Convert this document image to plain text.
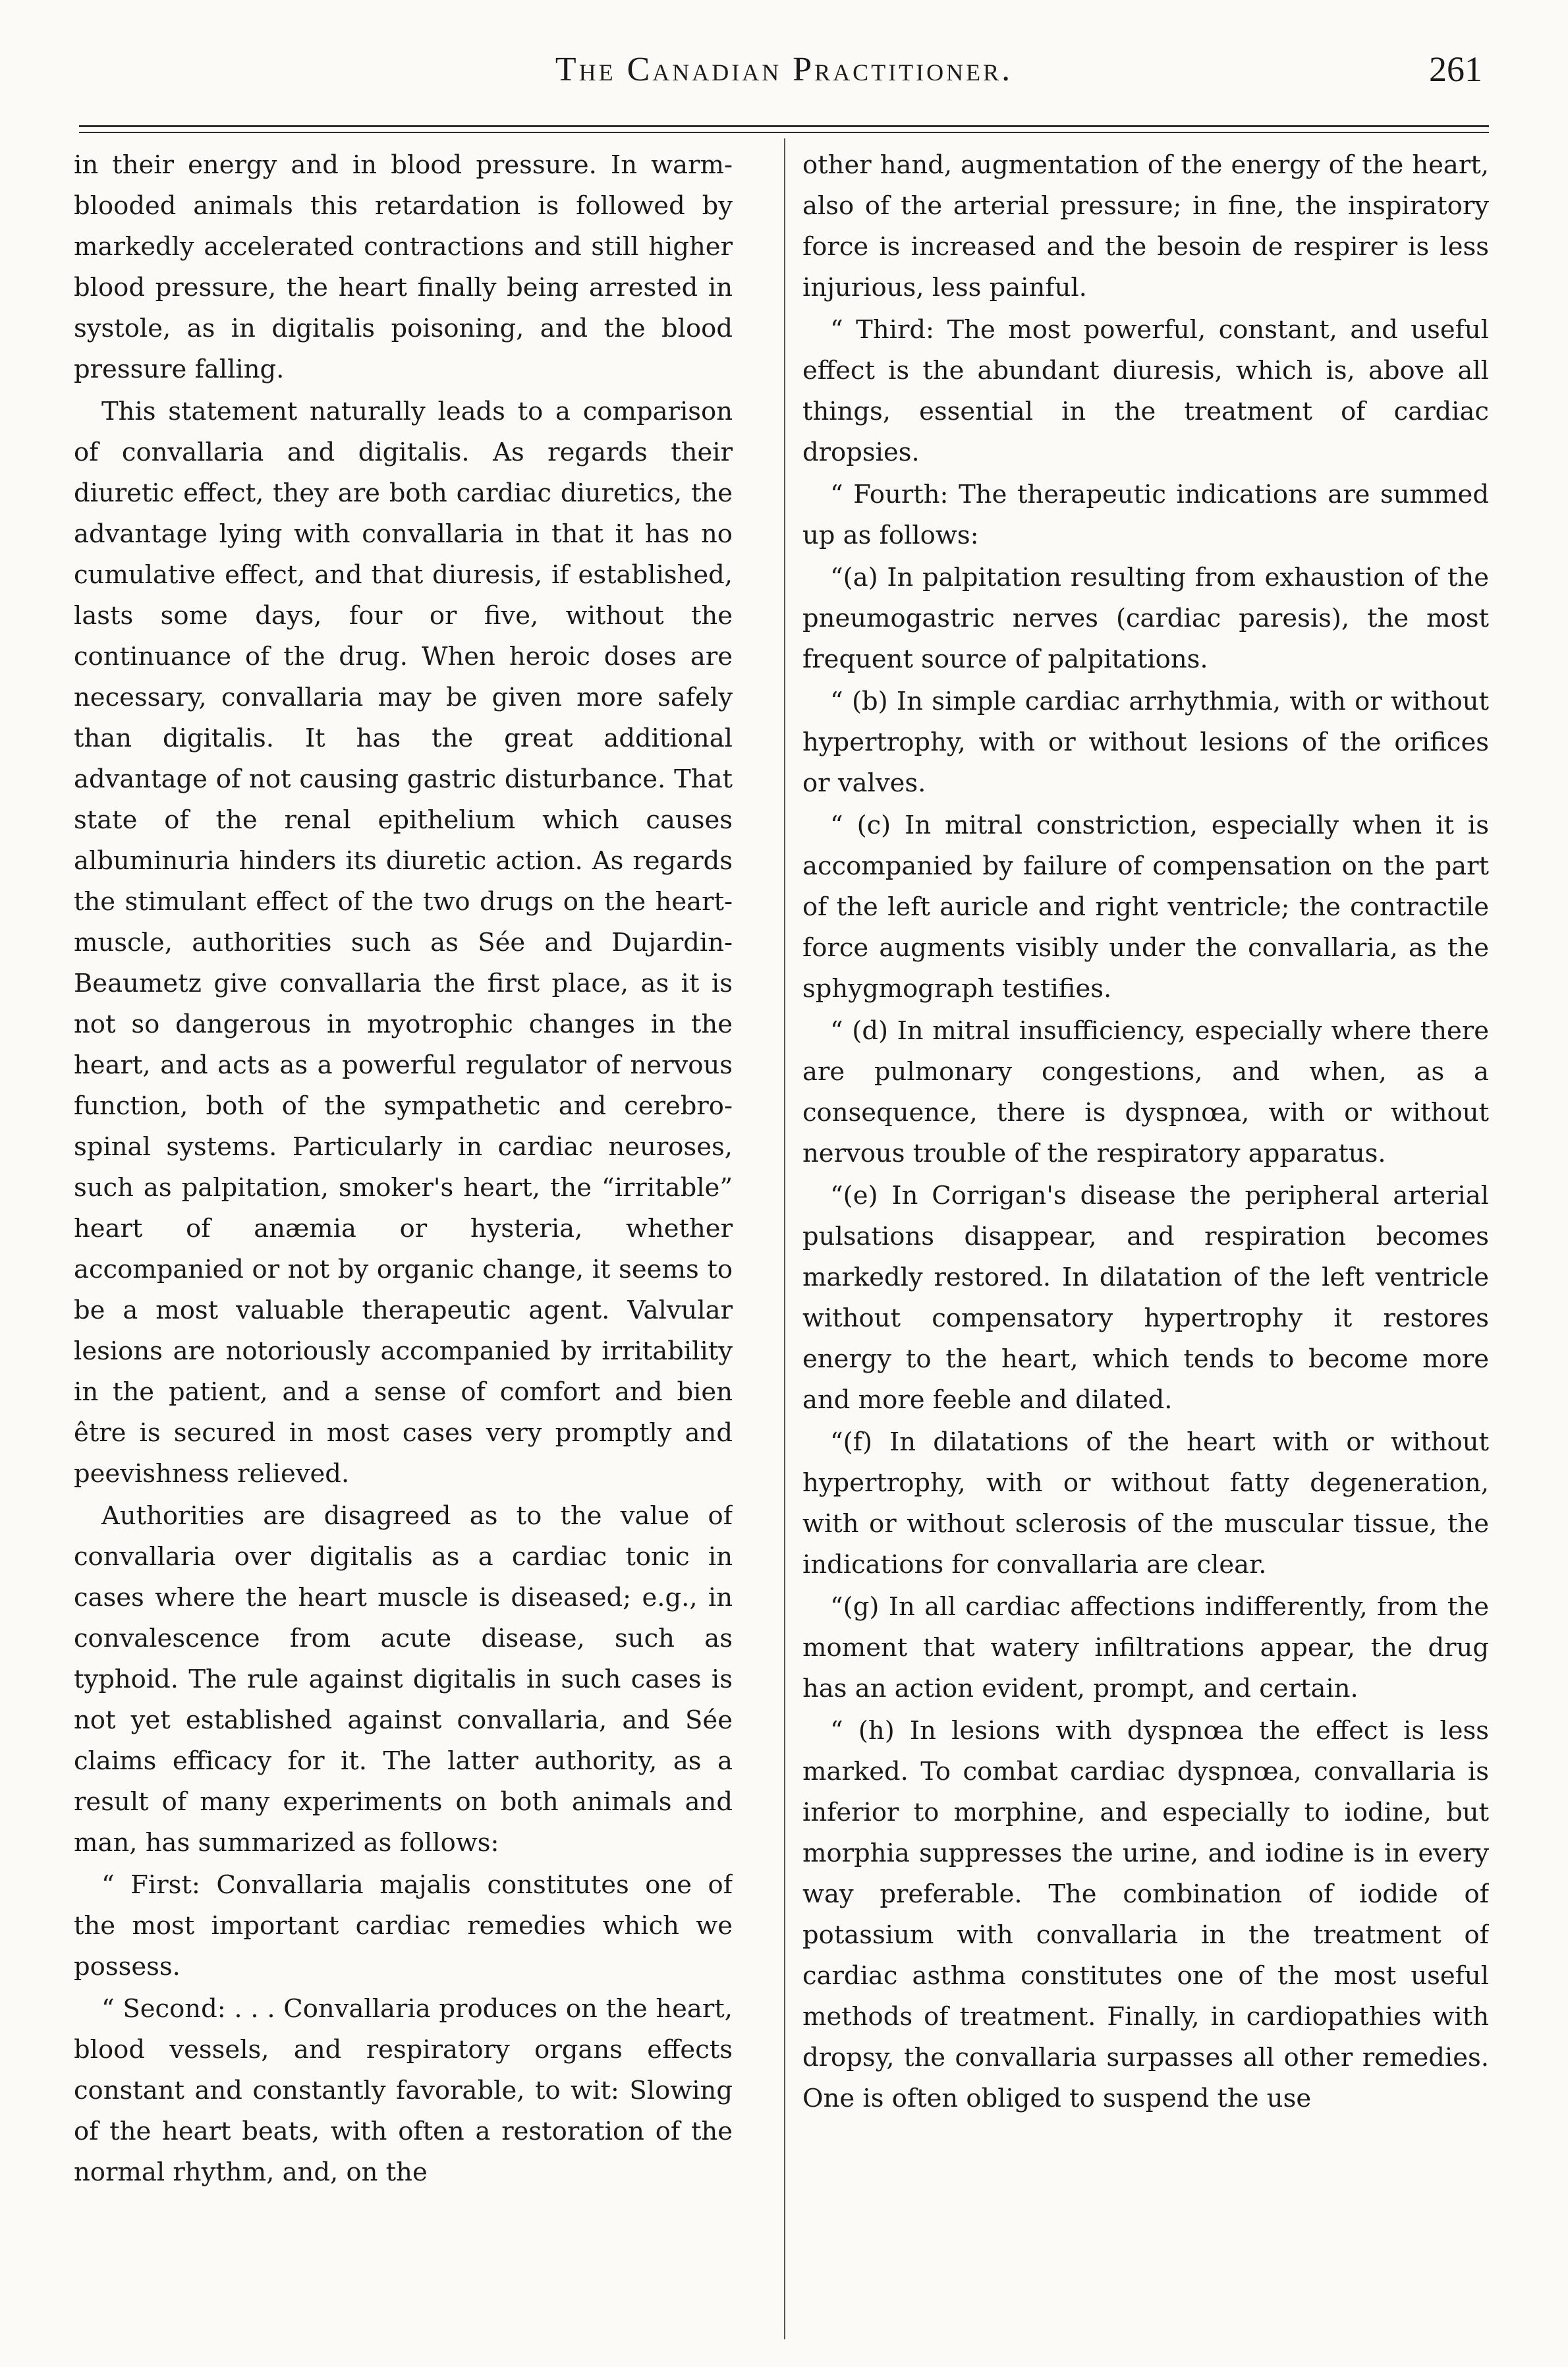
The Canadian Practitioner.	261

in their energy and in blood pressure. In warm-blooded animals this retardation is followed by markedly accelerated contractions and still higher blood pressure, the heart finally being arrested in systole, as in digitalis poisoning, and the blood pressure falling.

This statement naturally leads to a comparison of convallaria and digitalis. As regards their diuretic effect, they are both cardiac diuretics, the advantage lying with convallaria in that it has no cumulative effect, and that diuresis, if established, lasts some days, four or five, without the continuance of the drug. When heroic doses are necessary, convallaria may be given more safely than digitalis. It has the great additional advantage of not causing gastric disturbance. That state of the renal epithelium which causes albuminuria hinders its diuretic action. As regards the stimulant effect of the two drugs on the heart-muscle, authorities such as Sée and Dujardin-Beaumetz give convallaria the first place, as it is not so dangerous in myotrophic changes in the heart, and acts as a powerful regulator of nervous function, both of the sympathetic and cerebro-spinal systems. Particularly in cardiac neuroses, such as palpitation, smoker's heart, the “irritable” heart of anæmia or hysteria, whether accompanied or not by organic change, it seems to be a most valuable therapeutic agent. Valvular lesions are notoriously accompanied by irritability in the patient, and a sense of comfort and bien être is secured in most cases very promptly and peevishness relieved.

Authorities are disagreed as to the value of convallaria over digitalis as a cardiac tonic in cases where the heart muscle is diseased; e.g., in convalescence from acute disease, such as typhoid. The rule against digitalis in such cases is not yet established against convallaria, and Sée claims efficacy for it. The latter authority, as a result of many experiments on both animals and man, has summarized as follows:

“ First: Convallaria majalis constitutes one of the most important cardiac remedies which we possess.

“ Second: . . . Convallaria produces on the heart, blood vessels, and respiratory organs effects constant and constantly favorable, to wit: Slowing of the heart beats, with often a restoration of the normal rhythm, and, on the

other hand, augmentation of the energy of the heart, also of the arterial pressure; in fine, the inspiratory force is increased and the besoin de respirer is less injurious, less painful.

“ Third: The most powerful, constant, and useful effect is the abundant diuresis, which is, above all things, essential in the treatment of cardiac dropsies.

“ Fourth: The therapeutic indications are summed up as follows:

“(a) In palpitation resulting from exhaustion of the pneumogastric nerves (cardiac paresis), the most frequent source of palpitations.

“ (b) In simple cardiac arrhythmia, with or without hypertrophy, with or without lesions of the orifices or valves.

“ (c) In mitral constriction, especially when it is accompanied by failure of compensation on the part of the left auricle and right ventricle; the contractile force augments visibly under the convallaria, as the sphygmograph testifies.

“ (d) In mitral insufficiency, especially where there are pulmonary congestions, and when, as a consequence, there is dyspnœa, with or without nervous trouble of the respiratory apparatus.

“(e) In Corrigan's disease the peripheral arterial pulsations disappear, and respiration becomes markedly restored. In dilatation of the left ventricle without compensatory hypertrophy it restores energy to the heart, which tends to become more and more feeble and dilated.

“(f) In dilatations of the heart with or without hypertrophy, with or without fatty degeneration, with or without sclerosis of the muscular tissue, the indications for convallaria are clear.

“(g) In all cardiac affections indifferently, from the moment that watery infiltrations appear, the drug has an action evident, prompt, and certain.

“ (h) In lesions with dyspnœa the effect is less marked. To combat cardiac dyspnœa, convallaria is inferior to morphine, and especially to iodine, but morphia suppresses the urine, and iodine is in every way preferable. The combination of iodide of potassium with convallaria in the treatment of cardiac asthma constitutes one of the most useful methods of treatment. Finally, in cardiopathies with dropsy, the convallaria surpasses all other remedies. One is often obliged to suspend the use
